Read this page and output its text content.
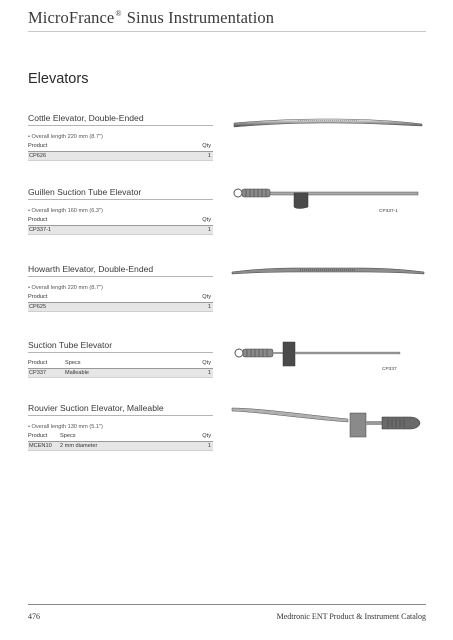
MicroFrance® Sinus Instrumentation
Elevators
Cottle Elevator, Double-Ended
• Overall length 220 mm (8.7")
Product	Qty
CP626	1
Guillen Suction Tube Elevator
• Overall length 160 mm (6.3")
Product	Qty
CP337-1	1
Howarth Elevator, Double-Ended
• Overall length 220 mm (8.7")
Product	Qty
CP625	1
Suction Tube Elevator
Product	Specs	Qty
CP337	Malleable	1
Rouvier Suction Elevator, Malleable
• Overall length 130 mm (5.1")
Product	Specs	Qty
MCEN10	2 mm diameter	1
CP337-1
CP337
476	Medtronic ENT Product & Instrument Catalog
